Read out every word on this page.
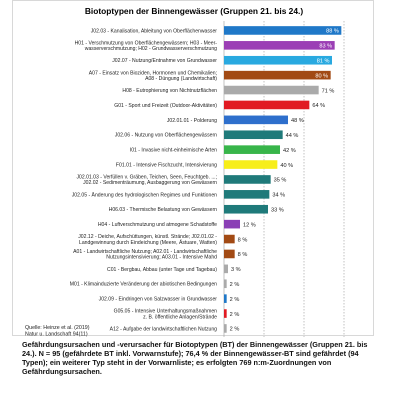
Biotoptypen der Binnengewässer (Gruppen 21. bis 24.)
88 %
J02.03 - Kanalisation, Ableitung von Oberflächenwasser
83 %
H01 - Verschmutzung von Oberflächengewässern; H03 - Meer-
wasserverschmutzung; H02 - Grundwasserverschmutzung
81 %
J02.07 - Nutzung/Entnahme von Grundwasser
80 %
A07 - Einsatz von Bioziden, Hormonen und Chemikalien;
A08 - Düngung (Landwirtschaft)
71 %
H08 - Eutrophierung von Nichtnutzflächen
64 %
G01 - Sport und Freizeit (Outdoor-Aktivitäten)
48 %
J02.01.01 - Polderung
44 %
J02.06 - Nutzung von Oberflächengewässern
42 %
I01 - Invasive nicht-einheimische Arten
40 %
F01.01 - Intensive Fischzucht, Intensivierung
35 %
J02.01.03 - Verfüllen v. Gräben, Teichen, Seen, Feuchtgeb. ...;
J02.02 - Sedimenträumung, Ausbaggerung von Gewässern
34 %
J02.05 - Änderung des hydrologischen Regimes und Funktionen
33 %
H06.03 - Thermische Belastung von Gewässern
12 %
H04 - Luftverschmutzung und atmogene Schadstoffe
8 %
J02.12 - Deiche, Aufschüttungen, künstl. Strände; J02.01.02 -
Landgewinnung durch Eindeichung (Meere, Ästuare, Watten)
8 %
A01 - Landwirtschaftliche Nutzung; A02.01 - Landwirtschaftliche
Nutzungsintensivierung; A03.01 - Intensive Mahd
3 %
C01 - Bergbau, Abbau (unter Tage und Tagebau)
2 %
M01 - Klimainduzierte Veränderung der abiotischen Bedingungen
2 %
J02.09 - Eindringen von Salzwasser in Grundwasser
2 %
G05.05 - Intensive Unterhaltungsmaßnahmen
z. B. öffentliche Anlagen/Strände
2 %
A12 - Aufgabe der landwirtschaftlichen Nutzung
Quelle: Heinze et al. (2019)
Natur u. Landschaft 94(11)
Gefährdungsursachen und -verursacher für Biotoptypen (BT) der Binnengewässer (Gruppen 21. bis 24.). N = 95 (gefährdete BT inkl. Vorwarnstufe); 76,4 % der Binnengewässer-BT sind gefährdet (94 Typen); ein weiterer Typ steht in der Vorwarnliste; es erfolgten 769 n:m-Zuordnungen von Gefährdungsursachen.
